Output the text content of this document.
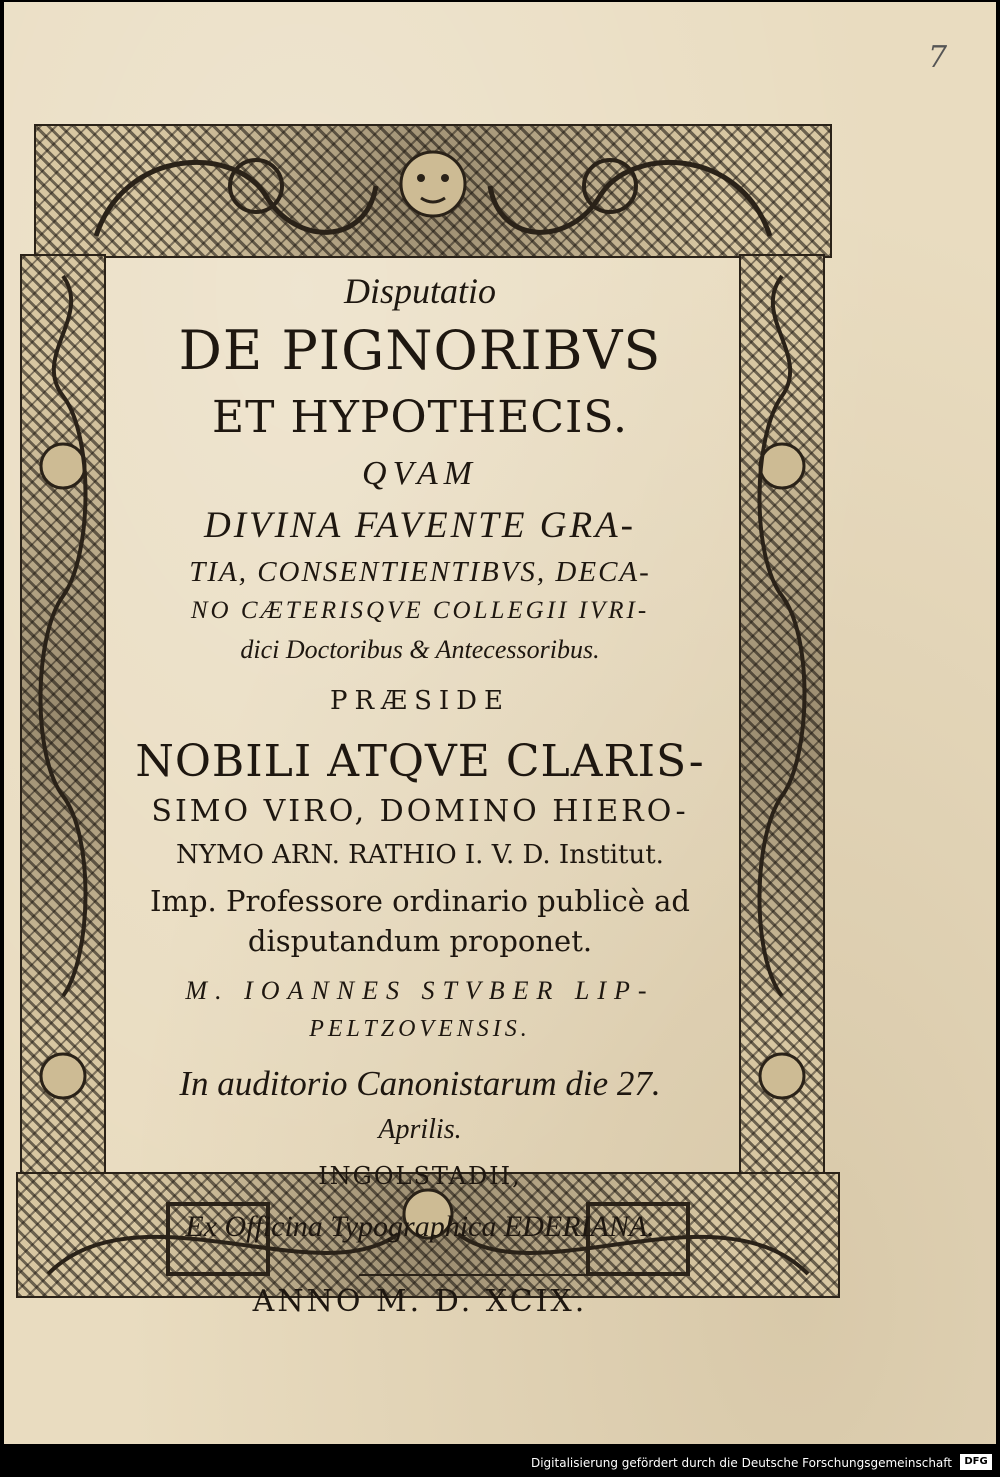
7
Disputatio
DE PIGNORIBVS
ET HYPOTHECIS.
QVAM
DIVINA FAVENTE GRA-
TIA, CONSENTIENTIBVS, DECA-
NO CÆTERISQVE COLLEGII IVRI-
dici Doctoribus & Antecessoribus.
PRÆSIDE
NOBILI ATQVE CLARIS-
SIMO VIRO, DOMINO HIERO-
NYMO ARN. RATHIO I. V. D. Institut.
Imp. Professore ordinario publicè ad
disputandum proponet.
M. IOANNES STVBER LIP-
PELTZOVENSIS.
In auditorio Canonistarum die 27.
Aprilis.
INGOLSTADII,
Ex Officina Typographica EDERIANA.
ANNO M. D. XCIX.
Digitalisierung gefördert durch die Deutsche Forschungsgemeinschaft	DFG
